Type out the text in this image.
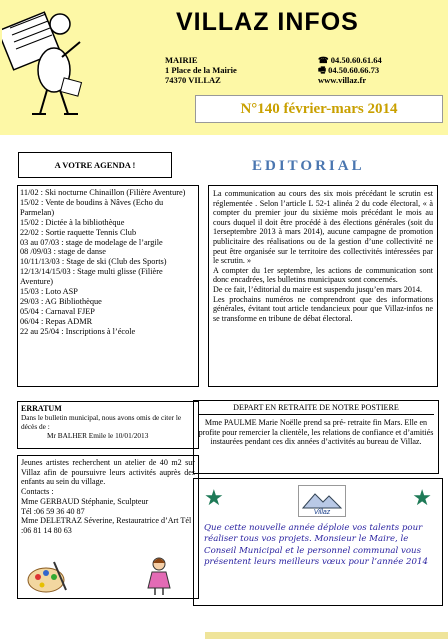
VILLAZ INFOS
MAIRIE
1 Place de la Mairie
74370 VILLAZ
☎ 04.50.60.61.64
🖷 04.50.60.66.73
www.villaz.fr
N°140 février-mars 2014
A VOTRE AGENDA !	EDITORIAL
11/02 : Ski nocturne Chinaillon (Filière Aventure)
15/02 : Vente de boudins à Nâves (Echo du Parmelan)
15/02 : Dictée à la bibliothèque
22/02 : Sortie raquette Tennis Club
03 au 07/03 : stage de modelage de l’argile
08 /09/03 : stage de danse
10/11/13/03 : Stage de ski (Club des Sports)
12/13/14/15/03 : Stage multi glisse (Filière Aventure)
15/03 : Loto ASP
29/03 : AG Bibliothèque
05/04 : Carnaval FJEP
06/04 : Repas ADMR
22 au 25/04 : Inscriptions à l’école
La communication au cours des six mois précédant le scrutin est réglementée . Selon l’article L 52-1 alinéa 2 du code électoral, « à compter du premier jour du sixième mois précédant le mois au cours duquel il doit être procédé à des élections générales (soit du 1erseptembre 2013 à mars 2014), aucune campagne de promotion publicitaire des réalisations ou de la gestion d’une collectivité ne peut être organisée sur le territoire des collectivités intéressées par le scrutin. »
A compter du 1er septembre, les actions de communication sont donc encadrées, les bulletins municipaux sont concernés.
De ce fait, l’éditorial du maire est suspendu jusqu’en mars 2014.
Les prochains numéros ne comprendront que des informations générales, évitant tout article tendancieux pour que Villaz-infos ne se transforme en tribune de débat électoral.
ERRATUM
Dans le bulletin municipal, nous avons omis de citer le décès de :
Mr BALHER Emile le 10/01/2013
Jeunes artistes recherchent un atelier de 40 m2 sur Villaz afin de poursuivre leurs activités auprès des enfants au sein du village.
Contacts :
Mme GERBAUD Stéphanie, Sculpteur
Tél :06 59 36 40 87
Mme DELETRAZ Séverine, Restauratrice d’Art Tél :06 81 14 80 63
DEPART EN RETRAITE DE NOTRE POSTIERE
Mme PAULME Marie Noëlle prend sa pré- retraite fin Mars. Elle en profite pour remercier la clientèle, les relations de confiance et d’amitiés instaurées pendant ces dix années d’activités au bureau de Villaz.
★	★
Villaz
Que cette nouvelle année déploie vos talents pour réaliser tous vos projets. Monsieur le Maire, le Conseil Municipal et le personnel communal vous présentent leurs meilleurs vœux pour l’année 2014
